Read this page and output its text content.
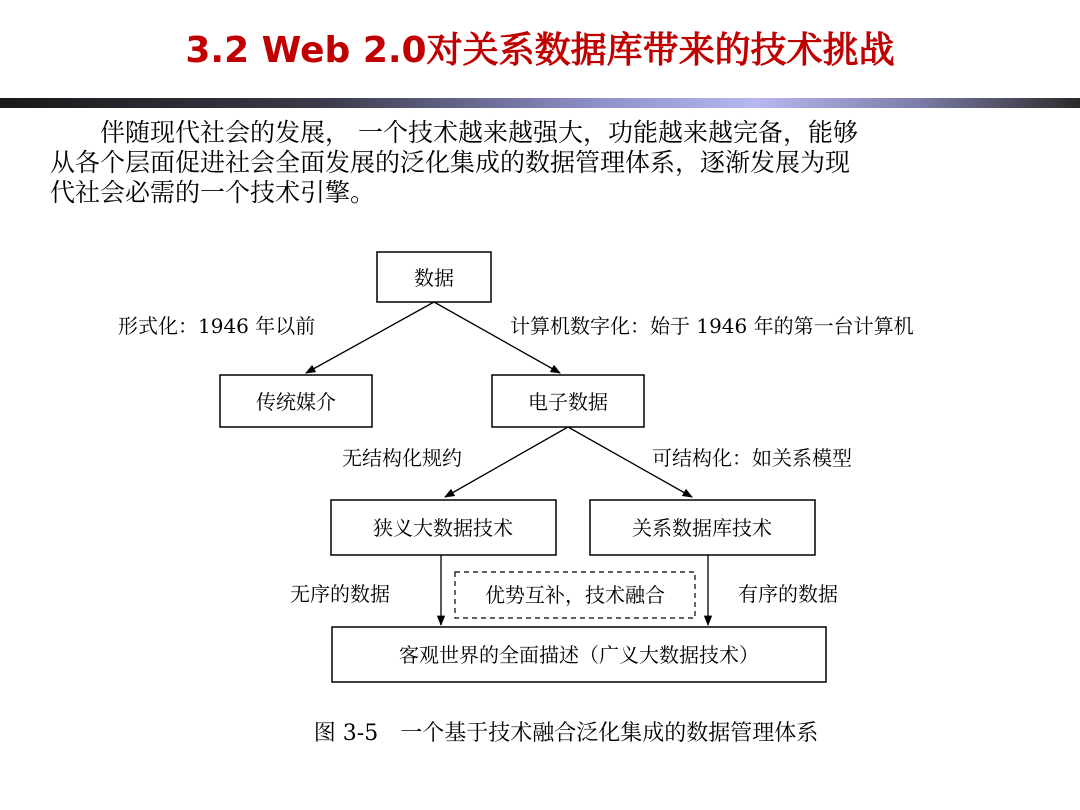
3.2 Web 2.0对关系数据库带来的技术挑战

伴随现代社会的发展， 一个技术越来越强大，功能越来越完备，能够

从各个层面促进社会全面发展的泛化集成的数据管理体系，逐渐发展为现

代社会必需的一个技术引擎。

数据
形式化：1946 年以前	计算机数字化：始于 1946 年的第一台计算机
传统媒介	电子数据
无结构化规约	可结构化：如关系模型
狭义大数据技术	关系数据库技术
无序的数据	有序的数据
优势互补，技术融合
客观世界的全面描述（广义大数据技术）
图 3-5　一个基于技术融合泛化集成的数据管理体系
